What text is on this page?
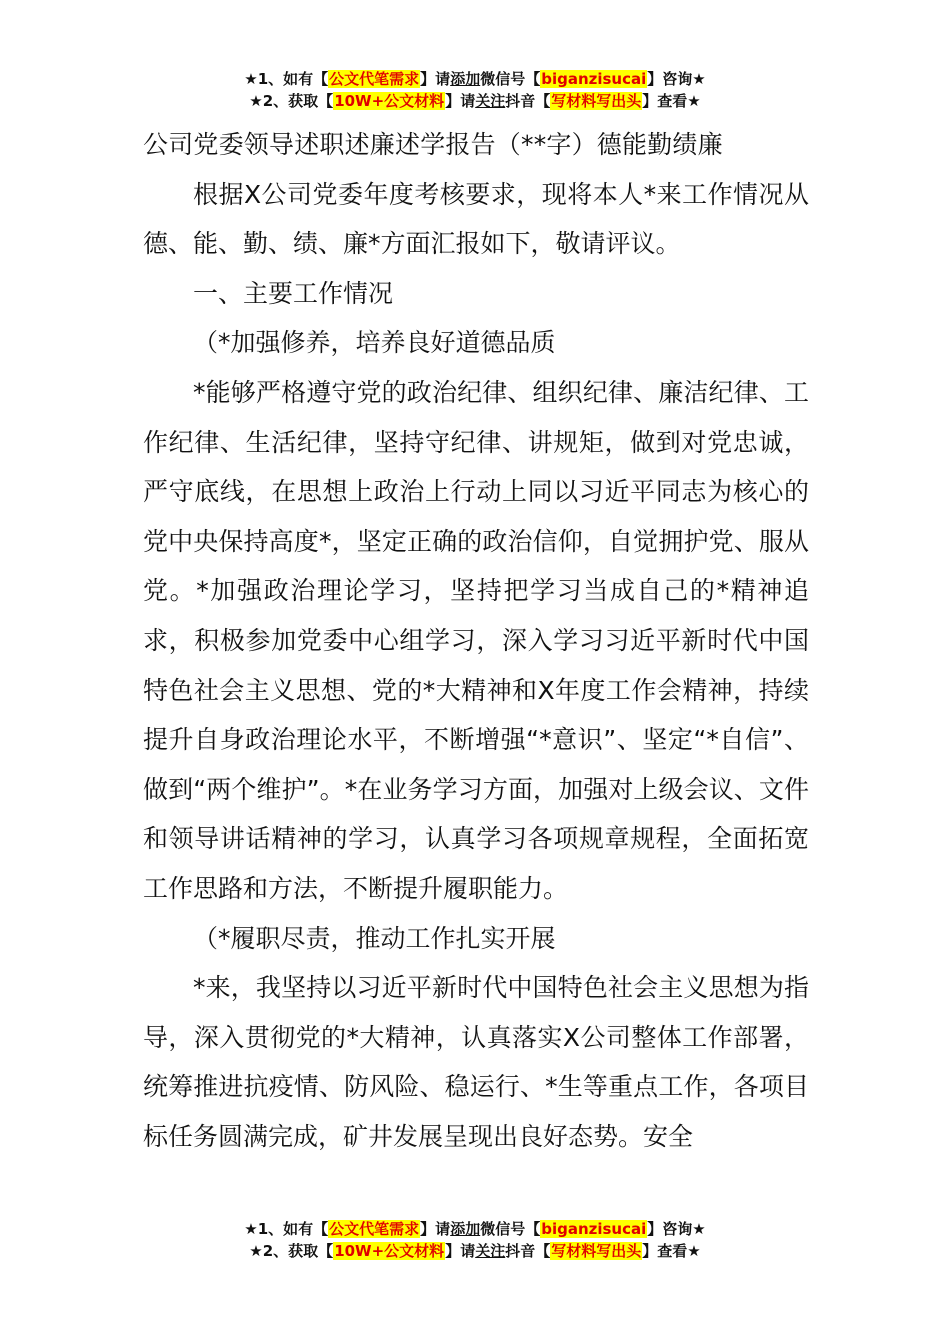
★1、如有【公文代笔需求】请添加微信号【biganzisucai】咨询★
★2、获取【10W+公文材料】请关注抖音【写材料写出头】查看★

公司党委领导述职述廉述学报告（**字）德能勤绩廉

根据X公司党委年度考核要求，现将本人*来工作情况从德、能、勤、绩、廉*方面汇报如下，敬请评议。

一、主要工作情况

（*加强修养，培养良好道德品质

*能够严格遵守党的政治纪律、组织纪律、廉洁纪律、工作纪律、生活纪律，坚持守纪律、讲规矩，做到对党忠诚，严守底线，在思想上政治上行动上同以习近平同志为核心的党中央保持高度*，坚定正确的政治信仰，自觉拥护党、服从党。*加强政治理论学习，坚持把学习当成自己的*精神追求，积极参加党委中心组学习，深入学习习近平新时代中国特色社会主义思想、党的*大精神和X年度工作会精神，持续提升自身政治理论水平，不断增强“*意识”、坚定“*自信”、做到“两个维护”。*在业务学习方面，加强对上级会议、文件和领导讲话精神的学习，认真学习各项规章规程，全面拓宽工作思路和方法，不断提升履职能力。

（*履职尽责，推动工作扎实开展

*来，我坚持以习近平新时代中国特色社会主义思想为指导，深入贯彻党的*大精神，认真落实X公司整体工作部署，统筹推进抗疫情、防风险、稳运行、*生等重点工作，各项目标任务圆满完成，矿井发展呈现出良好态势。安全

★1、如有【公文代笔需求】请添加微信号【biganzisucai】咨询★
★2、获取【10W+公文材料】请关注抖音【写材料写出头】查看★
